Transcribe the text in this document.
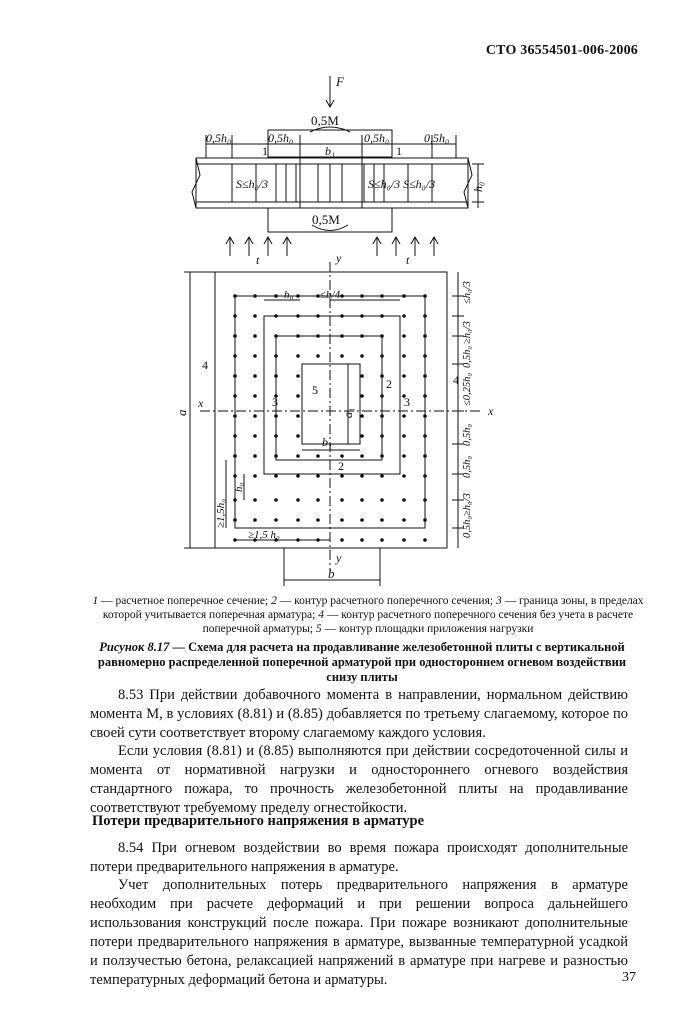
СТО 36554501-006-2006
F
0,5M
0,5h₀	0,5h₀	0,5h₀	0,5h₀
b₁
1	1
S≤h₀/3	S≤h₀/3 S≤h₀/3	h₀
0,5M
t	t
y
y
x
x
a	a₁
b₁
b
h₀ ≤b/4
h₀
≥1,5h₀
≥1,5 h₀
4
4
3	3
5	2
2
≤h₀/3
≥h₀/3
0,5h₀
≤0,25h₀
0,5h₀
0,5h₀
0,5h₀≥h₀/3
1 — расчетное поперечное сечение; 2 — контур расчетного поперечного сечения; 3 — граница зоны, в пределах которой учитывается поперечная арматура; 4 — контур расчетного поперечного сечения без учета в расчете поперечной арматуры; 5 — контур площадки приложения нагрузки
Рисунок 8.17 — Схема для расчета на продавливание железобетонной плиты с вертикальной равномерно распределенной поперечной арматурой при одностороннем огневом воздействии снизу плиты
8.53 При действии добавочного момента в направлении, нормальном действию момента M, в условиях (8.81) и (8.85) добавляется по третьему слагаемому, которое по своей сути соответствует второму слагаемому каждого условия.
Если условия (8.81) и (8.85) выполняются при действии сосредоточенной силы и момента от нормативной нагрузки и одностороннего огневого воздействия стандартного пожара, то прочность железобетонной плиты на продавливание соответствуют требуемому пределу огнестойкости.
Потери предварительного напряжения в арматуре
8.54 При огневом воздействии во время пожара происходят дополнительные потери предварительного напряжения в арматуре.
Учет дополнительных потерь предварительного напряжения в арматуре необходим при расчете деформаций и при решении вопроса дальнейшего использования конструкций после пожара. При пожаре возникают дополнительные потери предварительного напряжения в арматуре, вызванные температурной усадкой и ползучестью бетона, релаксацией напряжений в арматуре при нагреве и разностью температурных деформаций бетона и арматуры.	37
